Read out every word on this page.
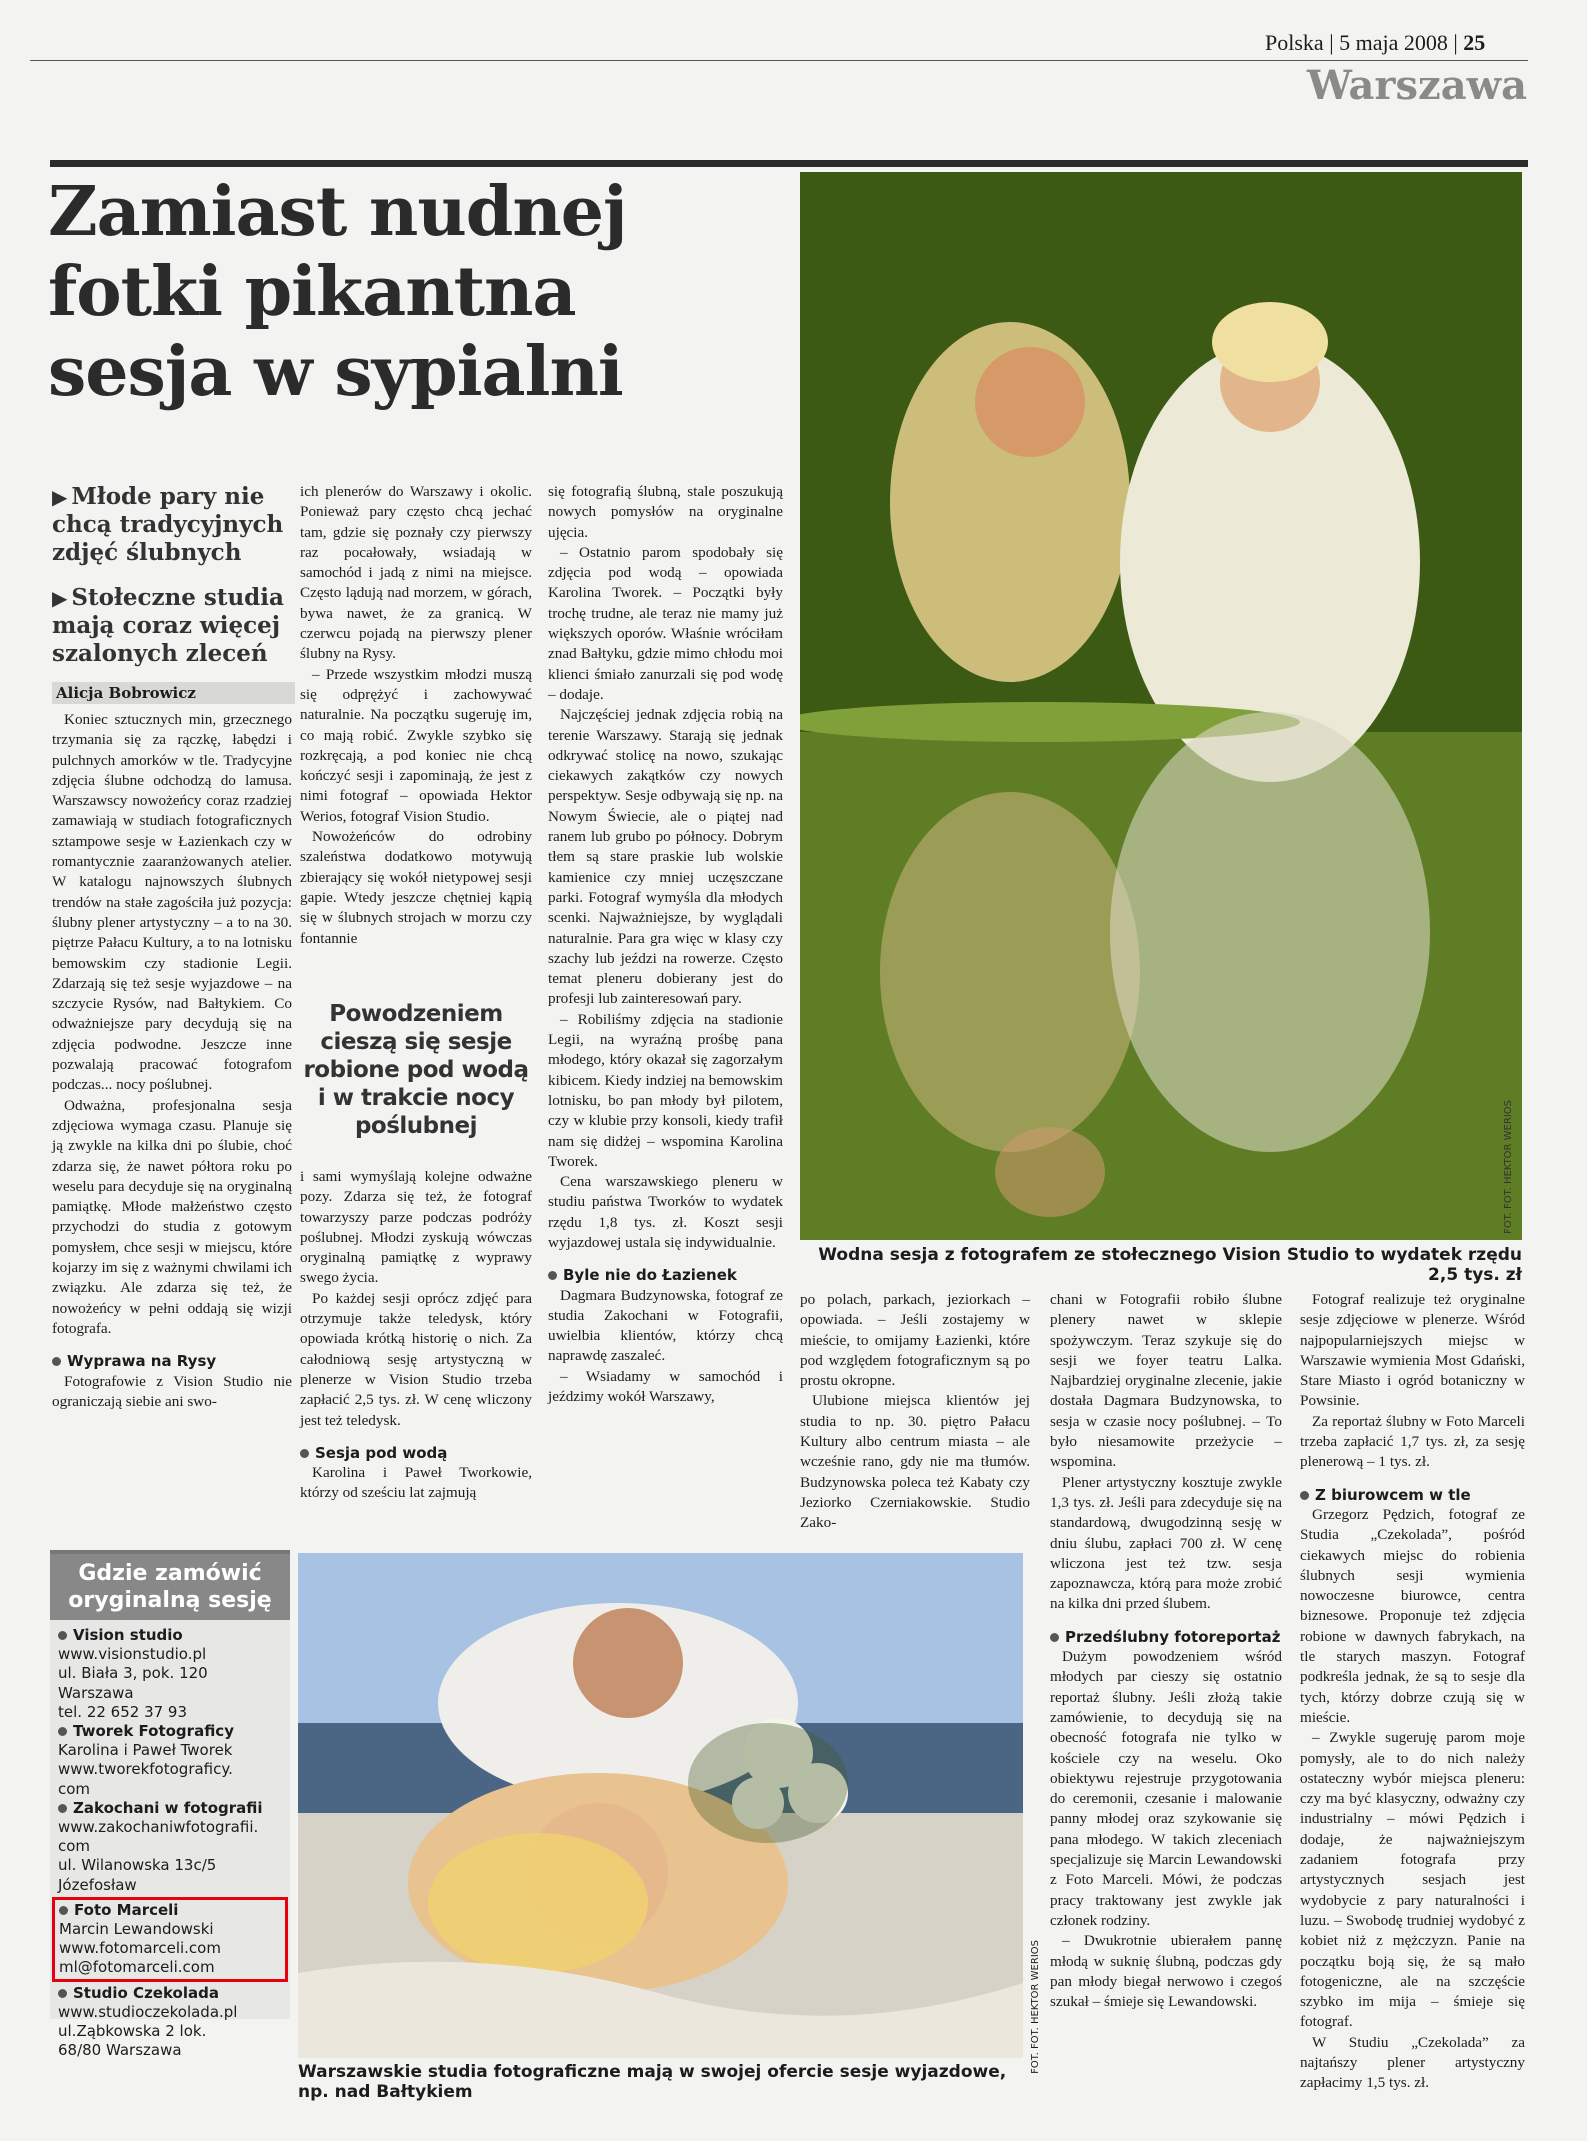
Polska | 5 maja 2008 | 25
Warszawa
Zamiast nudnej fotki pikantna sesja w sypialni
FOT. FOT. HEKTOR WERIOS
Wodna sesja z fotografem ze stołecznego Vision Studio to wydatek rzędu 2,5 tys. zł
▶ Młode pary nie chcą tradycyjnych zdjęć ślubnych
▶ Stołeczne studia mają coraz więcej szalonych zleceń
Alicja Bobrowicz

Koniec sztucznych min, grzecznego trzymania się za rączkę, łabędzi i pulchnych amorków w tle. Tradycyjne zdjęcia ślubne odchodzą do lamusa. Warszawscy nowożeńcy coraz rzadziej zamawiają w studiach fotograficznych sztampowe sesje w Łazienkach czy w romantycznie zaaranżowanych atelier. W katalogu najnowszych ślubnych trendów na stałe zagościła już pozycja: ślubny plener artystyczny – a to na 30. piętrze Pałacu Kultury, a to na lotnisku bemowskim czy stadionie Legii. Zdarzają się też sesje wyjazdowe – na szczycie Rysów, nad Bałtykiem. Co odważniejsze pary decydują się na zdjęcia podwodne. Jeszcze inne pozwalają pracować fotografom podczas... nocy poślubnej.

Odważna, profesjonalna sesja zdjęciowa wymaga czasu. Planuje się ją zwykle na kilka dni po ślubie, choć zdarza się, że nawet półtora roku po weselu para decyduje się na oryginalną pamiątkę. Młode małżeństwo często przychodzi do studia z gotowym pomysłem, chce sesji w miejscu, które kojarzy im się z ważnymi chwilami ich związku. Ale zdarza się też, że nowożeńcy w pełni oddają się wizji fotografa.

Wyprawa na Rysy

Fotografowie z Vision Studio nie ograniczają siebie ani swo-

ich plenerów do Warszawy i okolic. Ponieważ pary często chcą jechać tam, gdzie się poznały czy pierwszy raz pocałowały, wsiadają w samochód i jadą z nimi na miejsce. Często lądują nad morzem, w górach, bywa nawet, że za granicą. W czerwcu pojadą na pierwszy plener ślubny na Rysy.

– Przede wszystkim młodzi muszą się odprężyć i zachowywać naturalnie. Na początku sugeruję im, co mają robić. Zwykle szybko się rozkręcają, a pod koniec nie chcą kończyć sesji i zapominają, że jest z nimi fotograf – opowiada Hektor Werios, fotograf Vision Studio.

Nowożeńców do odrobiny szaleństwa dodatkowo motywują zbierający się wokół nietypowej sesji gapie. Wtedy jeszcze chętniej kąpią się w ślubnych strojach w morzu czy fontannie

Powodzeniem cieszą się sesje robione pod wodą i w trakcie nocy poślubnej

i sami wymyślają kolejne odważne pozy. Zdarza się też, że fotograf towarzyszy parze podczas podróży poślubnej. Młodzi zyskują wówczas oryginalną pamiątkę z wyprawy swego życia.

Po każdej sesji oprócz zdjęć para otrzymuje także teledysk, który opowiada krótką historię o nich. Za całodniową sesję artystyczną w plenerze w Vision Studio trzeba zapłacić 2,5 tys. zł. W cenę wliczony jest też teledysk.

Sesja pod wodą

Karolina i Paweł Tworkowie, którzy od sześciu lat zajmują

się fotografią ślubną, stale poszukują nowych pomysłów na oryginalne ujęcia.

– Ostatnio parom spodobały się zdjęcia pod wodą – opowiada Karolina Tworek. – Początki były trochę trudne, ale teraz nie mamy już większych oporów. Właśnie wróciłam znad Bałtyku, gdzie mimo chłodu moi klienci śmiało zanurzali się pod wodę – dodaje.

Najczęściej jednak zdjęcia robią na terenie Warszawy. Starają się jednak odkrywać stolicę na nowo, szukając ciekawych zakątków czy nowych perspektyw. Sesje odbywają się np. na Nowym Świecie, ale o piątej nad ranem lub grubo po północy. Dobrym tłem są stare praskie lub wolskie kamienice czy mniej uczęszczane parki. Fotograf wymyśla dla młodych scenki. Najważniejsze, by wyglądali naturalnie. Para gra więc w klasy czy szachy lub jeździ na rowerze. Często temat pleneru dobierany jest do profesji lub zainteresowań pary.

– Robiliśmy zdjęcia na stadionie Legii, na wyraźną prośbę pana młodego, który okazał się zagorzałym kibicem. Kiedy indziej na bemowskim lotnisku, bo pan młody był pilotem, czy w klubie przy konsoli, kiedy trafił nam się didżej – wspomina Karolina Tworek.

Cena warszawskiego pleneru w studiu państwa Tworków to wydatek rzędu 1,8 tys. zł. Koszt sesji wyjazdowej ustala się indywidualnie.

Byle nie do Łazienek

Dagmara Budzynowska, fotograf ze studia Zakochani w Fotografii, uwielbia klientów, którzy chcą naprawdę zaszaleć.

– Wsiadamy w samochód i jeździmy wokół Warszawy,

po polach, parkach, jeziorkach – opowiada. – Jeśli zostajemy w mieście, to omijamy Łazienki, które pod względem fotograficznym są po prostu okropne.

Ulubione miejsca klientów jej studia to np. 30. piętro Pałacu Kultury albo centrum miasta – ale wcześnie rano, gdy nie ma tłumów. Budzynowska poleca też Kabaty czy Jeziorko Czerniakowskie. Studio Zako-

chani w Fotografii robiło ślubne plenery nawet w sklepie spożywczym. Teraz szykuje się do sesji we foyer teatru Lalka. Najbardziej oryginalne zlecenie, jakie dostała Dagmara Budzynowska, to sesja w czasie nocy poślubnej. – To było niesamowite przeżycie – wspomina.

Plener artystyczny kosztuje zwykle 1,3 tys. zł. Jeśli para zdecyduje się na standardową, dwugodzinną sesję w dniu ślubu, zapłaci 700 zł. W cenę wliczona jest też tzw. sesja zapoznawcza, którą para może zrobić na kilka dni przed ślubem.

Przedślubny fotoreportaż

Dużym powodzeniem wśród młodych par cieszy się ostatnio reportaż ślubny. Jeśli złożą takie zamówienie, to decydują się na obecność fotografa nie tylko w kościele czy na weselu. Oko obiektywu rejestruje przygotowania do ceremonii, czesanie i malowanie panny młodej oraz szykowanie się pana młodego. W takich zleceniach specjalizuje się Marcin Lewandowski z Foto Marceli. Mówi, że podczas pracy traktowany jest zwykle jak członek rodziny.

– Dwukrotnie ubierałem pannę młodą w suknię ślubną, podczas gdy pan młody biegał nerwowo i czegoś szukał – śmieje się Lewandowski.

Fotograf realizuje też oryginalne sesje zdjęciowe w plenerze. Wśród najpopularniejszych miejsc w Warszawie wymienia Most Gdański, Stare Miasto i ogród botaniczny w Powsinie.

Za reportaż ślubny w Foto Marceli trzeba zapłacić 1,7 tys. zł, za sesję plenerową – 1 tys. zł.

Z biurowcem w tle

Grzegorz Pędzich, fotograf ze Studia „Czekolada”, pośród ciekawych miejsc do robienia ślubnych sesji wymienia nowoczesne biurowce, centra biznesowe. Proponuje też zdjęcia robione w dawnych fabrykach, na tle starych maszyn. Fotograf podkreśla jednak, że są to sesje dla tych, którzy dobrze czują się w mieście.

– Zwykle sugeruję parom moje pomysły, ale to do nich należy ostateczny wybór miejsca pleneru: czy ma być klasyczny, odważny czy industrialny – mówi Pędzich i dodaje, że najważniejszym zadaniem fotografa przy artystycznych sesjach jest wydobycie z pary naturalności i luzu. – Swobodę trudniej wydobyć z kobiet niż z mężczyzn. Panie na początku boją się, że są mało fotogeniczne, ale na szczęście szybko im mija – śmieje się fotograf.

W Studiu „Czekolada” za najtańszy plener artystyczny zapłacimy 1,5 tys. zł.

FOT. FOT. HEKTOR WERIOS
Warszawskie studia fotograficzne mają w swojej ofercie sesje wyjazdowe, np. nad Bałtykiem
Gdzie zamówić oryginalną sesję
Vision studio
www.visionstudio.pl
ul. Biała 3, pok. 120
Warszawa
tel. 22 652 37 93
Tworek Fotograficy
Karolina i Paweł Tworek
www.tworekfotograficy.
com
Zakochani w fotografii
www.zakochaniwfotografii.
com
ul. Wilanowska 13c/5
Józefosław
Foto Marceli
Marcin Lewandowski
www.fotomarceli.com
ml@fotomarceli.com
Studio Czekolada
www.studioczekolada.pl
ul.Ząbkowska 2 lok.
68/80 Warszawa
